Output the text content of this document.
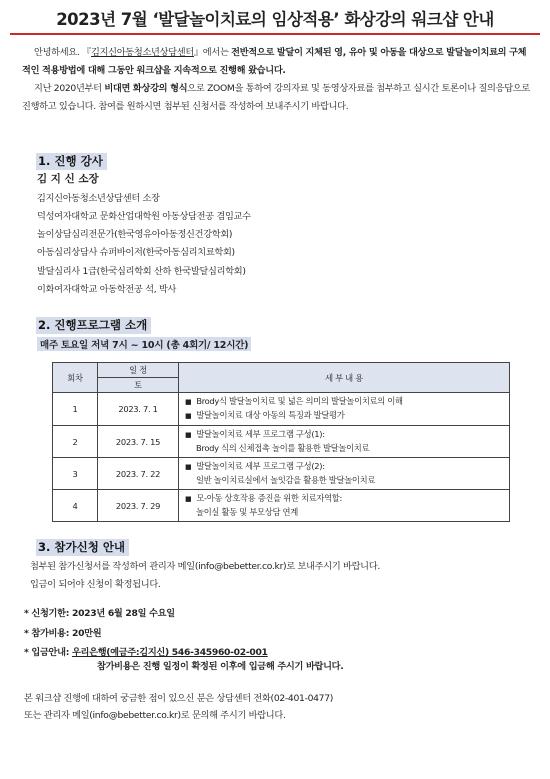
2023년 7월 ‘발달놀이치료의 임상적용’ 화상강의 워크샵 안내
안녕하세요. 『김지신아동청소년상담센터』에서는 전반적으로 발달이 지체된 영, 유아 및 아동을 대상으로 발달놀이치료의 구체적인 적용방법에 대해 그동안 워크샵을 지속적으로 진행해 왔습니다.
지난 2020년부터 비대면 화상강의 형식으로 ZOOM을 통하여 강의자료 및 동영상자료를 첨부하고 실시간 토론이나 질의응답으로 진행하고 있습니다. 참여를 원하시면 첨부된 신청서를 작성하여 보내주시기 바랍니다.
1. 진행 강사
김 지 신 소장
김지신아동청소년상담센터 소장
덕성여자대학교 문화산업대학원 아동상담전공 겸임교수
놀이상담심리전문가(한국영유아아동정신건강학회)
아동심리상담사 슈퍼바이저(한국아동심리치료학회)
발달심리사 1급(한국심리학회 산하 한국발달심리학회)
이화여자대학교 아동학전공 석, 박사
2. 진행프로그램 소개
매주 토요일 저녁 7시 ~ 10시 (총 4회기/ 12시간)
회차	일 정	세 부 내 용
	토	
1	2023. 7. 1	■ Brody식 발달놀이치료 및 넓은 의미의 발달놀이치료의 이해
■ 발달놀이치료 대상 아동의 특징과 발달평가

2	2023. 7. 15	■ 발달놀이치료 세부 프로그램 구성(1):
Brody 식의 신체접촉 놀이를 활용한 발달놀이치료

3	2023. 7. 22	■ 발달놀이치료 세부 프로그램 구성(2):
일반 놀이치료실에서 놀잇감을 활용한 발달놀이치료

4	2023. 7. 29	■ 모-아동 상호작용 증진을 위한 치료자역할:
놀이실 활동 및 부모상담 연계
3. 참가신청 안내
첨부된 참가신청서를 작성하여 관리자 메일(info@bebetter.co.kr)로 보내주시기 바랍니다.
입금이 되어야 신청이 확정됩니다.
* 신청기한: 2023년 6월 28일 수요일
* 참가비용: 20만원
* 입금안내: 우리은행(예금주:김지신) 546-345960-02-001
참가비용은 진행 일정이 확정된 이후에 입금해 주시기 바랍니다.
본 워크샵 진행에 대하여 궁금한 점이 있으신 분은 상담센터 전화(02-401-0477)
또는 관리자 메일(info@bebetter.co.kr)로 문의해 주시기 바랍니다.
